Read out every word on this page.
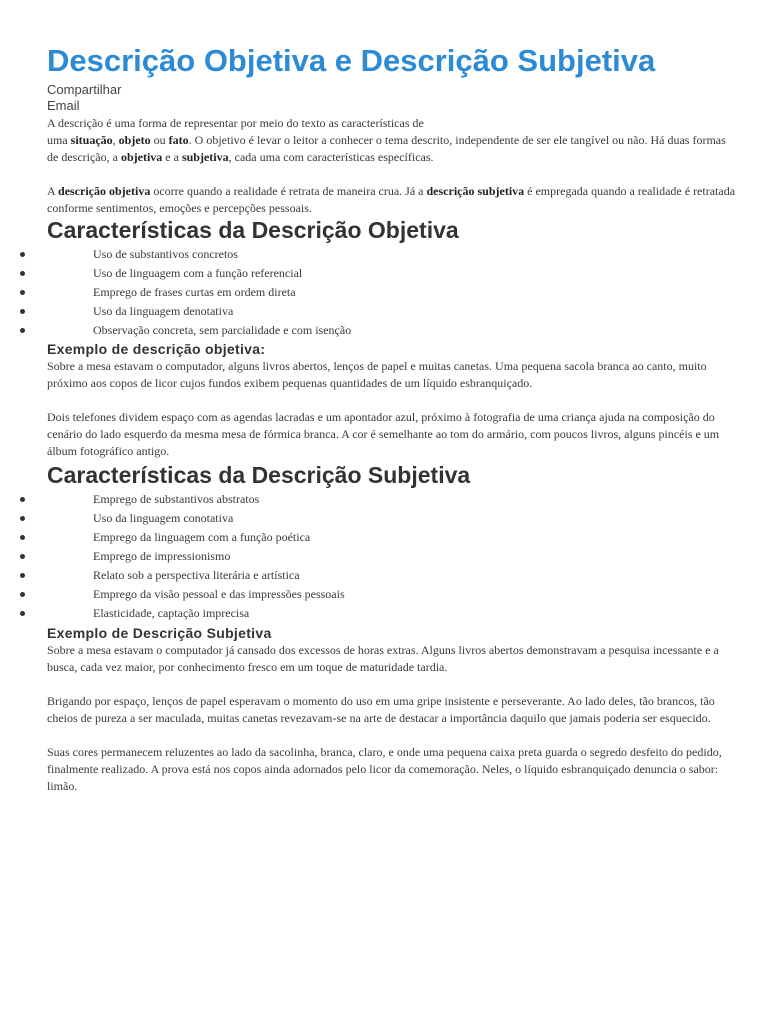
Descrição Objetiva e Descrição Subjetiva
Compartilhar
Email

A descrição é uma forma de representar por meio do texto as características de
uma situação, objeto ou fato. O objetivo é levar o leitor a conhecer o tema descrito, independente de ser ele tangível ou não. Há duas formas de descrição, a objetiva e a subjetiva, cada uma com características específicas.

A descrição objetiva ocorre quando a realidade é retrata de maneira crua. Já a descrição subjetiva é empregada quando a realidade é retratada conforme sentimentos, emoções e percepções pessoais.

Características da Descrição Objetiva
Uso de substantivos concretos
Uso de linguagem com a função referencial
Emprego de frases curtas em ordem direta
Uso da linguagem denotativa
Observação concreta, sem parcialidade e com isenção
Exemplo de descrição objetiva:

Sobre a mesa estavam o computador, alguns livros abertos, lenços de papel e muitas canetas. Uma pequena sacola branca ao canto, muito próximo aos copos de licor cujos fundos exibem pequenas quantidades de um líquido esbranquiçado.

Dois telefones dividem espaço com as agendas lacradas e um apontador azul, próximo à fotografia de uma criança ajuda na composição do cenário do lado esquerdo da mesma mesa de fórmica branca. A cor é semelhante ao tom do armário, com poucos livros, alguns pincéis e um álbum fotográfico antigo.

Características da Descrição Subjetiva
Emprego de substantivos abstratos
Uso da linguagem conotativa
Emprego da linguagem com a função poética
Emprego de impressionismo
Relato sob a perspectiva literária e artística
Emprego da visão pessoal e das impressões pessoais
Elasticidade, captação imprecisa
Exemplo de Descrição Subjetiva

Sobre a mesa estavam o computador já cansado dos excessos de horas extras. Alguns livros abertos demonstravam a pesquisa incessante e a busca, cada vez maior, por conhecimento fresco em um toque de maturidade tardia.

Brigando por espaço, lenços de papel esperavam o momento do uso em uma gripe insistente e perseverante. Ao lado deles, tão brancos, tão cheios de pureza a ser maculada, muitas canetas revezavam-se na arte de destacar a importância daquilo que jamais poderia ser esquecido.

Suas cores permanecem reluzentes ao lado da sacolinha, branca, claro, e onde uma pequena caixa preta guarda o segredo desfeito do pedido, finalmente realizado. A prova está nos copos ainda adornados pelo licor da comemoração. Neles, o líquido esbranquiçado denuncia o sabor: limão.
